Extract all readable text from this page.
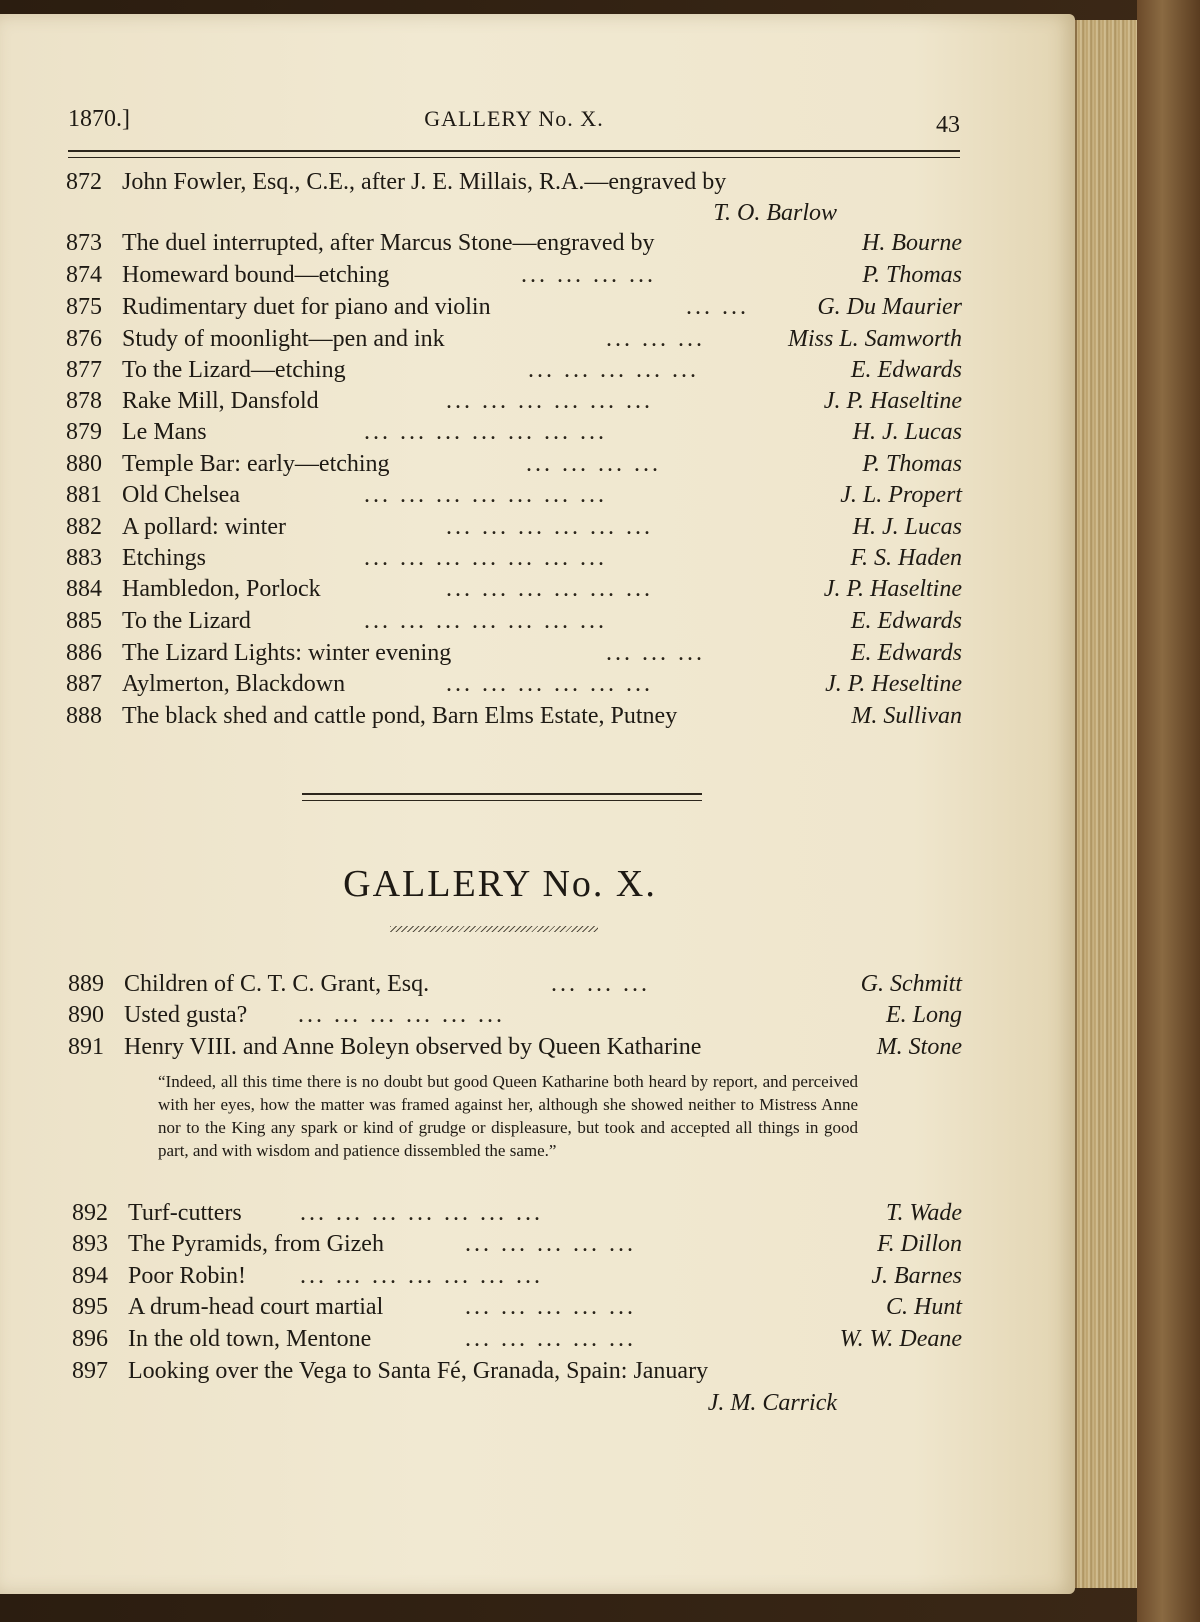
1870.]	GALLERY No. X.	43
872 John Fowler, Esq., C.E., after J. E. Millais, R.A.—engraved by
T. O. Barlow
873 The duel interrupted, after Marcus Stone—engraved by	H. Bourne
874 Homeward bound—etching	... ... ... ...	P. Thomas
875 Rudimentary duet for piano and violin	... ...	G. Du Maurier
876 Study of moonlight—pen and ink	... ... ...	Miss L. Samworth
877 To the Lizard—etching	... ... ... ... ...	E. Edwards
878 Rake Mill, Dansfold	... ... ... ... ... ...	J. P. Haseltine
879 Le Mans	... ... ... ... ... ... ...	H. J. Lucas
880 Temple Bar: early—etching	... ... ... ...	P. Thomas
881 Old Chelsea	... ... ... ... ... ... ...	J. L. Propert
882 A pollard: winter	... ... ... ... ... ...	H. J. Lucas
883 Etchings	... ... ... ... ... ... ...	F. S. Haden
884 Hambledon, Porlock	... ... ... ... ... ...	J. P. Haseltine
885 To the Lizard	... ... ... ... ... ... ...	E. Edwards
886 The Lizard Lights: winter evening	... ... ...	E. Edwards
887 Aylmerton, Blackdown	... ... ... ... ... ...	J. P. Heseltine
888 The black shed and cattle pond, Barn Elms Estate, Putney	M. Sullivan
GALLERY No. X.
889 Children of C. T. C. Grant, Esq.	... ... ...	G. Schmitt
890 Usted gusta? ... ... ... ... ... ...	E. Long
891 Henry VIII. and Anne Boleyn observed by Queen Katharine	M. Stone
“Indeed, all this time there is no doubt but good Queen Katharine both heard by report, and perceived with her eyes, how the matter was framed against her, although she showed neither to Mistress Anne nor to the King any spark or kind of grudge or displeasure, but took and accepted all things in good part, and with wisdom and patience dissembled the same.”
892 Turf-cutters ... ... ... ... ... ... ...	T. Wade
893 The Pyramids, from Gizeh	... ... ... ... ...	F. Dillon
894 Poor Robin! ... ... ... ... ... ... ...	J. Barnes
895 A drum-head court martial	... ... ... ... ...	C. Hunt
896 In the old town, Mentone	... ... ... ... ...	W. W. Deane
897 Looking over the Vega to Santa Fé, Granada, Spain: January
J. M. Carrick
